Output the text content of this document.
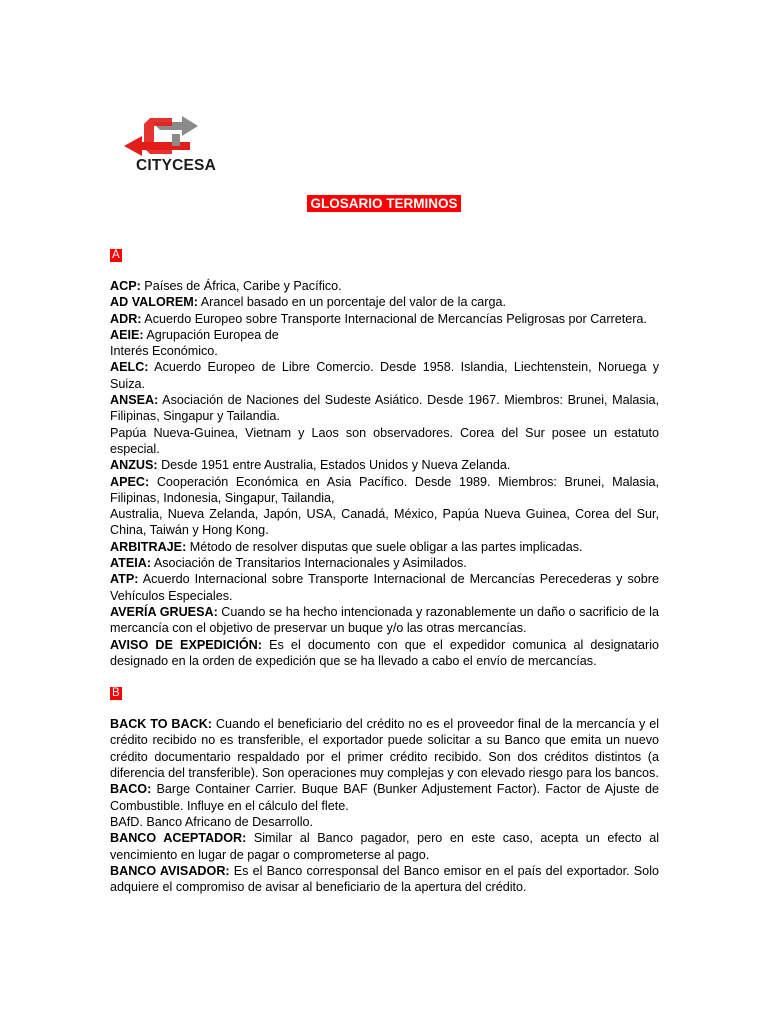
CITYCESA
GLOSARIO TERMINOS
A

ACP: Países de África, Caribe y Pacífico.

AD VALOREM: Arancel basado en un porcentaje del valor de la carga.

ADR: Acuerdo Europeo sobre Transporte Internacional de Mercancías Peligrosas por Carretera.

AEIE: Agrupación Europea de

Interés Económico.

AELC: Acuerdo Europeo de Libre Comercio. Desde 1958. Islandia, Liechtenstein, Noruega y Suiza.

ANSEA: Asociación de Naciones del Sudeste Asiático. Desde 1967. Miembros: Brunei, Malasia, Filipinas, Singapur y Tailandia.

Papúa Nueva-Guinea, Vietnam y Laos son observadores. Corea del Sur posee un estatuto especial.

ANZUS: Desde 1951 entre Australia, Estados Unidos y Nueva Zelanda.

APEC: Cooperación Económica en Asia Pacífico. Desde 1989. Miembros: Brunei, Malasia, Filipinas, Indonesia, Singapur, Tailandia,

Australia, Nueva Zelanda, Japón, USA, Canadá, México, Papúa Nueva Guinea, Corea del Sur, China, Taiwán y Hong Kong.

ARBITRAJE: Método de resolver disputas que suele obligar a las partes implicadas.

ATEIA: Asociación de Transitarios Internacionales y Asimilados.

ATP: Acuerdo Internacional sobre Transporte Internacional de Mercancías Perecederas y sobre Vehículos Especiales.

AVERÍA GRUESA: Cuando se ha hecho intencionada y razonablemente un daño o sacrificio de la mercancía con el objetivo de preservar un buque y/o las otras mercancías.

AVISO DE EXPEDICIÓN: Es el documento con que el expedidor comunica al designatario designado en la orden de expedición que se ha llevado a cabo el envío de mercancías.

B

BACK TO BACK: Cuando el beneficiario del crédito no es el proveedor final de la mercancía y el crédito recibido no es transferible, el exportador puede solicitar a su Banco que emita un nuevo crédito documentario respaldado por el primer crédito recibido. Son dos créditos distintos (a diferencia del transferible). Son operaciones muy complejas y con elevado riesgo para los bancos.

BACO: Barge Container Carrier. Buque BAF (Bunker Adjustement Factor). Factor de Ajuste de Combustible. Influye en el cálculo del flete.

BAfD. Banco Africano de Desarrollo.

BANCO ACEPTADOR: Similar al Banco pagador, pero en este caso, acepta un efecto al vencimiento en lugar de pagar o comprometerse al pago.

BANCO AVISADOR: Es el Banco corresponsal del Banco emisor en el país del exportador. Solo adquiere el compromiso de avisar al beneficiario de la apertura del crédito.
